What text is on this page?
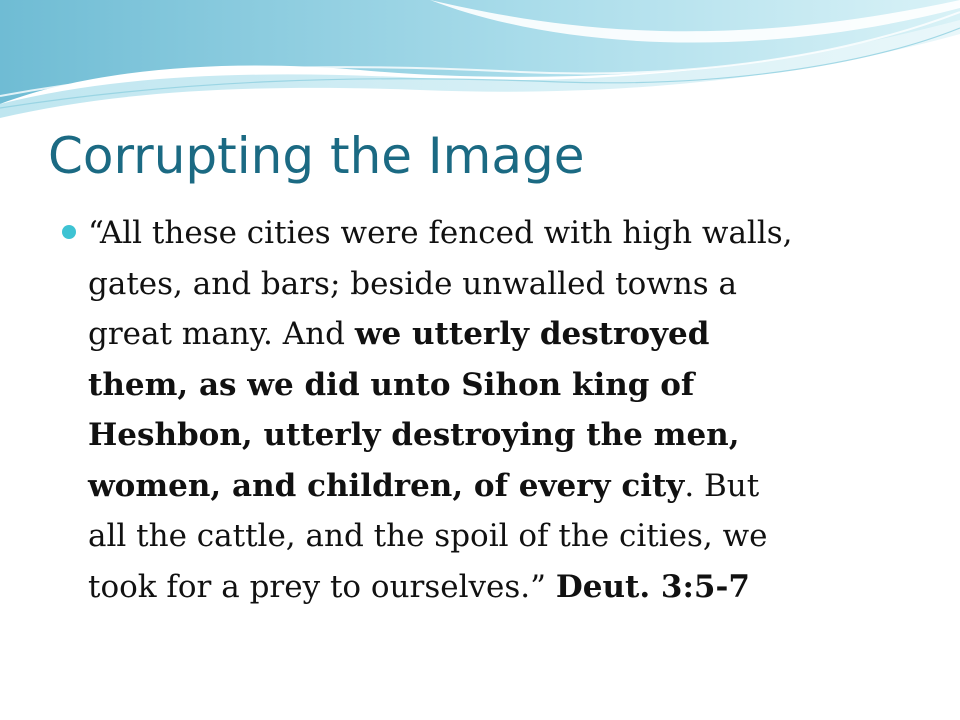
Corrupting the Image
“All these cities were fenced with high walls,
gates, and bars; beside unwalled towns a
great many. And we utterly destroyed
them, as we did unto Sihon king of
Heshbon, utterly destroying the men,
women, and children, of every city. But
all the cattle, and the spoil of the cities, we
took for a prey to ourselves.” Deut. 3:5-7
